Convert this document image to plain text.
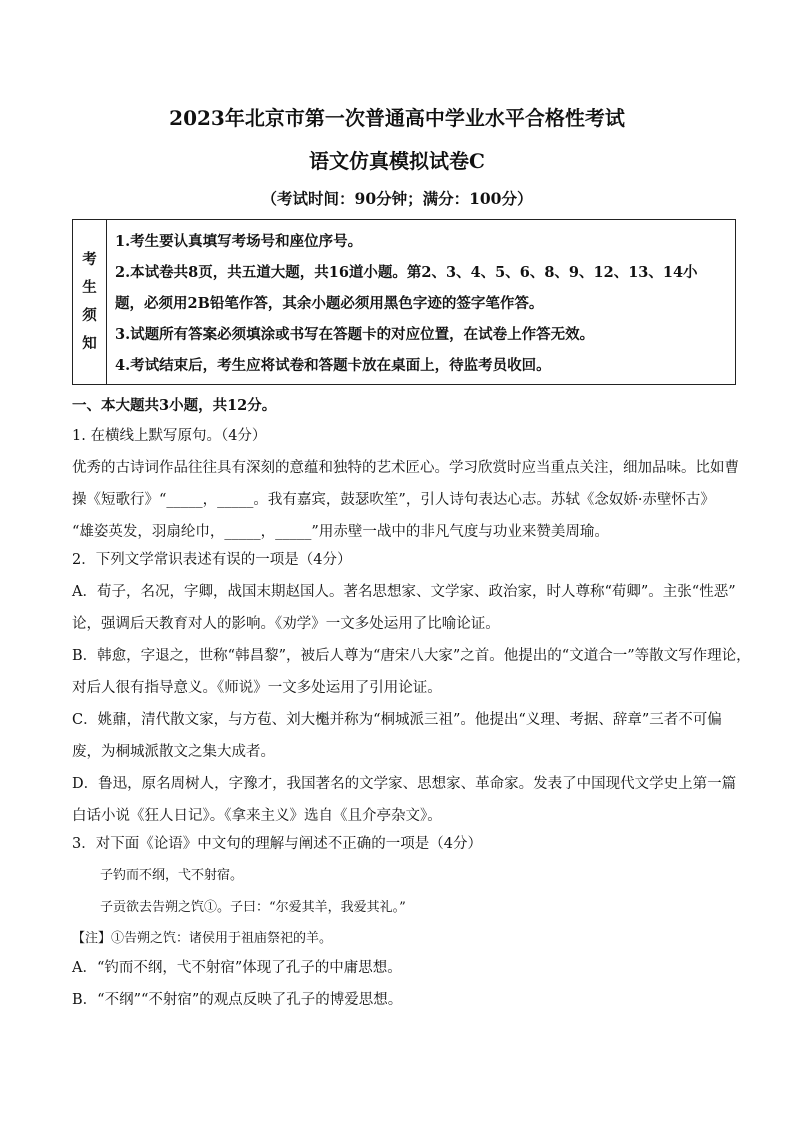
2023年北京市第一次普通高中学业水平合格性考试
语文仿真模拟试卷C
（考试时间：90分钟；满分：100分）
考
生
须
知
1.考生要认真填写考场号和座位序号。
2.本试卷共8页，共五道大题，共16道小题。第2、3、4、5、6、8、9、12、13、14小
题，必须用2B铅笔作答，其余小题必须用黑色字迹的签字笔作答。
3.试题所有答案必须填涂或书写在答题卡的对应位置，在试卷上作答无效。
4.考试结束后，考生应将试卷和答题卡放在桌面上，待监考员收回。
一、本大题共3小题，共12分。
1. 在横线上默写原句。（4分）
优秀的古诗词作品往往具有深刻的意蕴和独特的艺术匠心。学习欣赏时应当重点关注，细加品味。比如曹
操《短歌行》“_____，_____。我有嘉宾，鼓瑟吹笙”，引人诗句表达心志。苏轼《念奴娇·赤壁怀古》
“雄姿英发，羽扇纶巾，_____，_____”用赤壁一战中的非凡气度与功业来赞美周瑜。
2．下列文学常识表述有误的一项是（4分）
A．荀子，名况，字卿，战国末期赵国人。著名思想家、文学家、政治家，时人尊称“荀卿”。主张“性恶”
论，强调后天教育对人的影响。《劝学》一文多处运用了比喻论证。
B．韩愈，字退之，世称“韩昌黎”，被后人尊为“唐宋八大家”之首。他提出的“文道合一”等散文写作理论，
对后人很有指导意义。《师说》一文多处运用了引用论证。
C．姚鼐，清代散文家，与方苞、刘大櫆并称为“桐城派三祖”。他提出“义理、考据、辞章”三者不可偏
废，为桐城派散文之集大成者。
D．鲁迅，原名周树人，字豫才，我国著名的文学家、思想家、革命家。发表了中国现代文学史上第一篇
白话小说《狂人日记》。《拿来主义》选自《且介亭杂文》。
3．对下面《论语》中文句的理解与阐述不正确的一项是（4分）
子钓而不纲，弋不射宿。
子贡欲去告朔之饩①。子曰：“尔爱其羊，我爱其礼。”
【注】①告朔之饩：诸侯用于祖庙祭祀的羊。
A．“钓而不纲，弋不射宿”体现了孔子的中庸思想。
B．“不纲”“不射宿”的观点反映了孔子的博爱思想。
